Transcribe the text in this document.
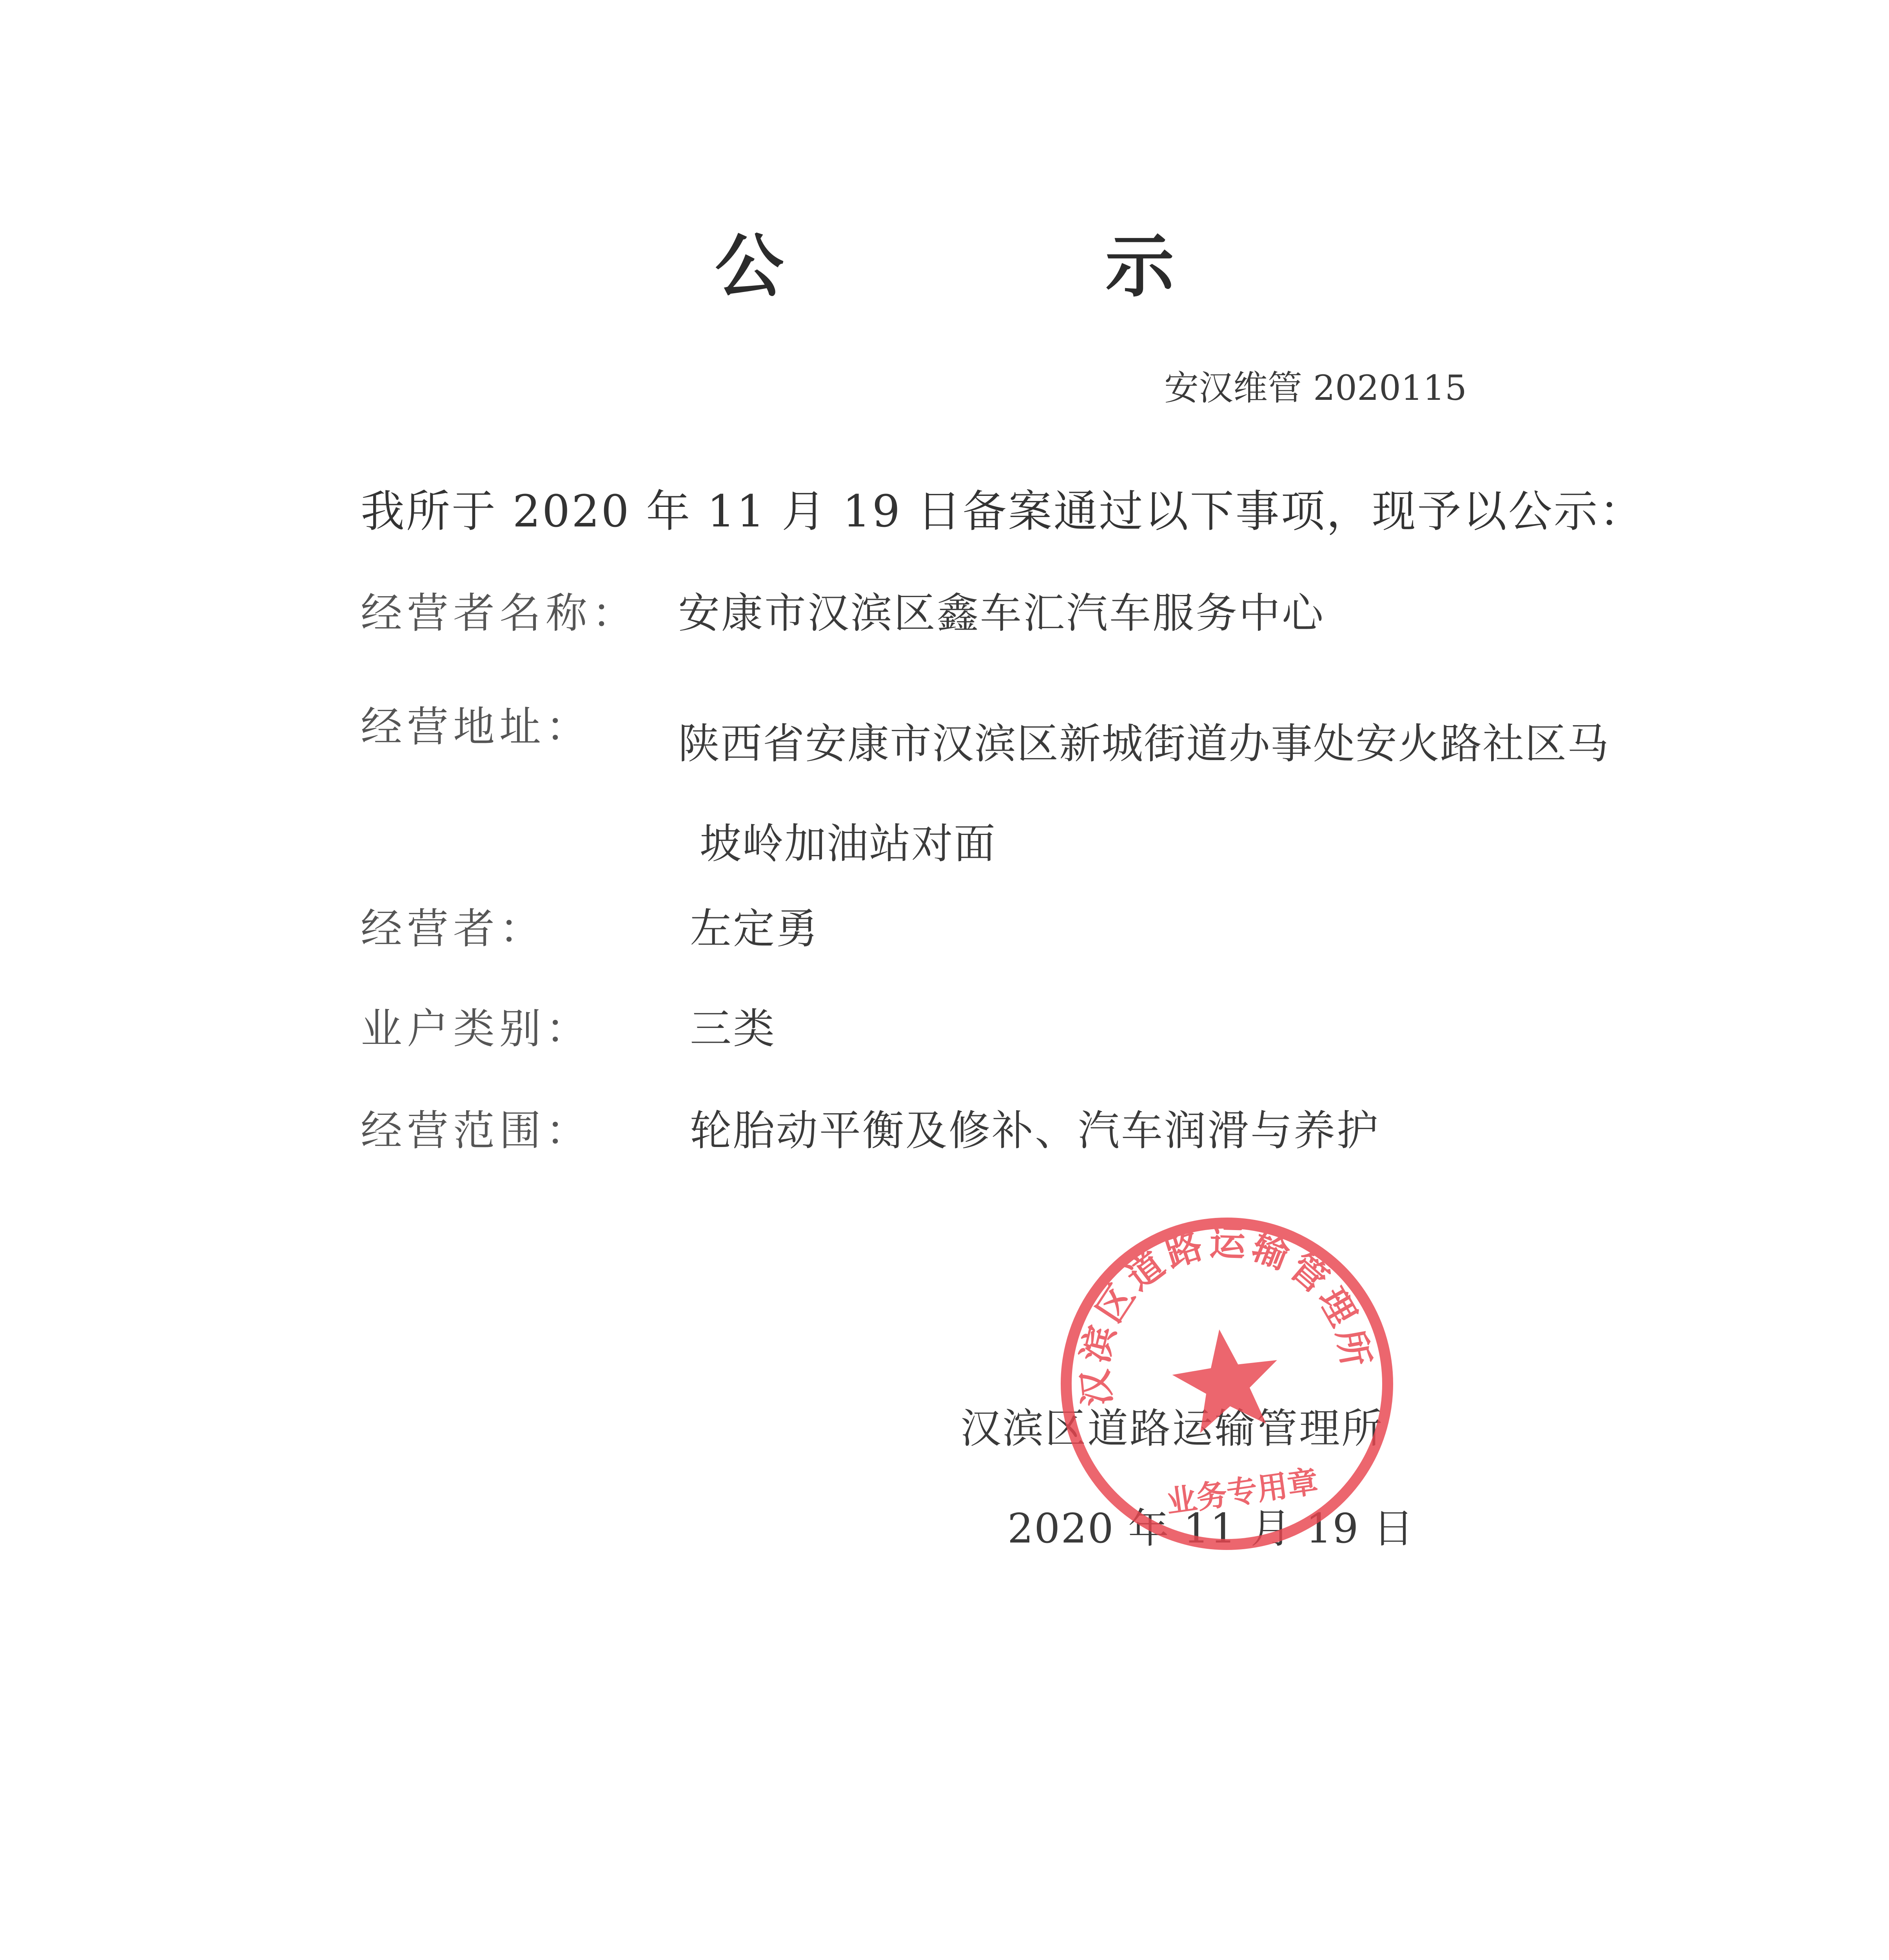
公 示
安汉维管 2020115
我所于 2020 年 11 月 19 日备案通过以下事项，现予以公示：
经营者名称： 安康市汉滨区鑫车汇汽车服务中心
经营地址： 陕西省安康市汉滨区新城街道办事处安火路社区马
坡岭加油站对面
经营者：	左定勇
业户类别： 三类
经营范围： 轮胎动平衡及修补、汽车润滑与养护
汉滨区道路运输管理所
2020 年 11 月 19 日
汉滨区道路运输管理所
业务专用章
